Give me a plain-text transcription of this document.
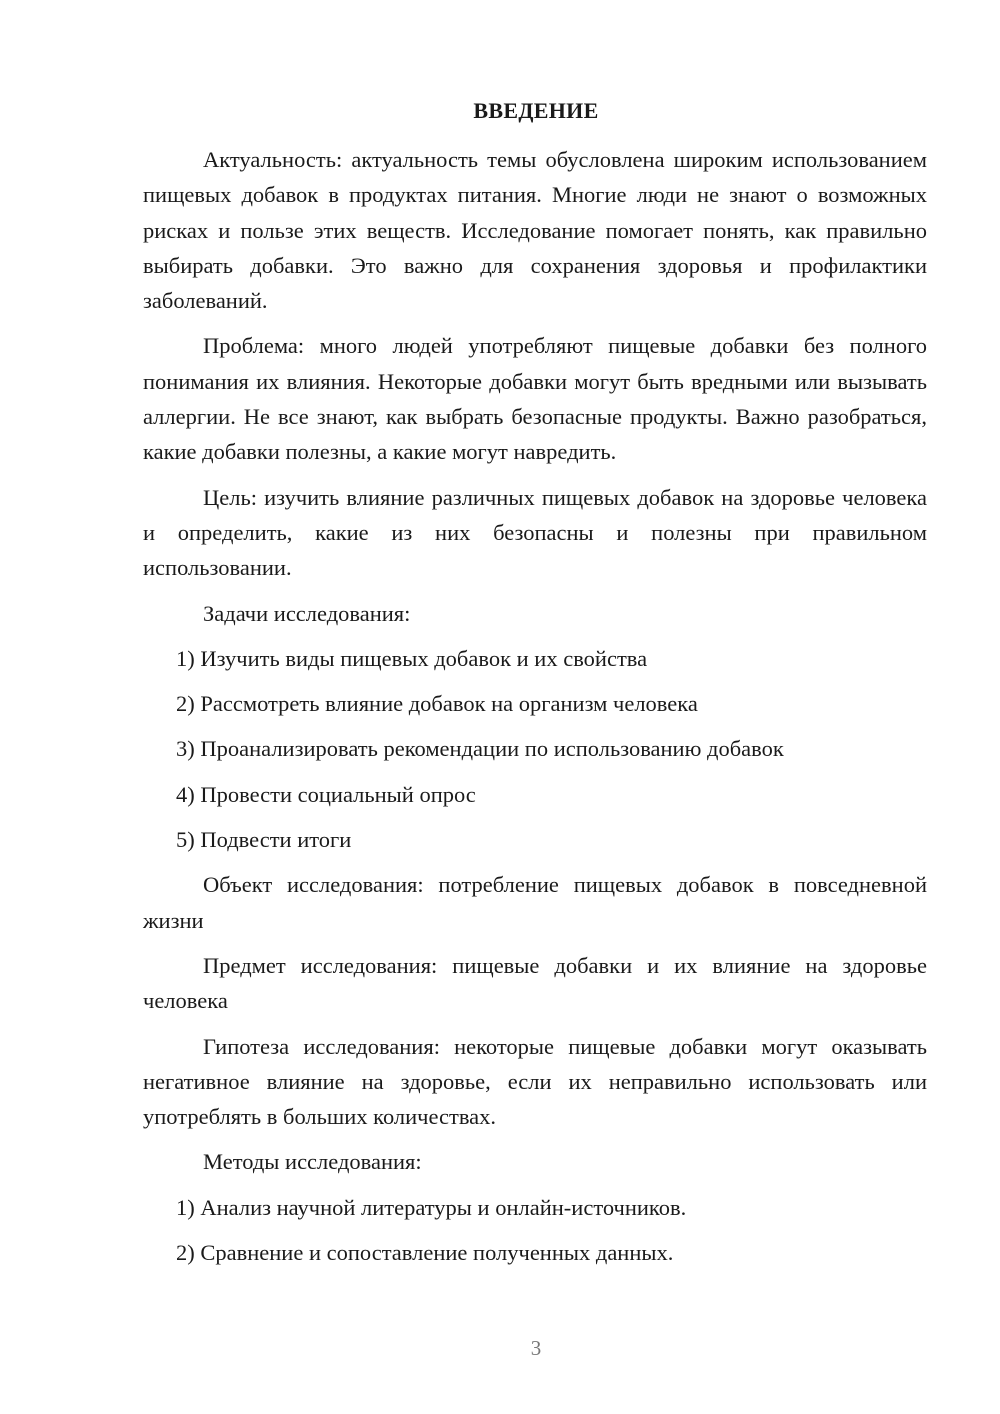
ВВЕДЕНИЕ

Актуальность: актуальность темы обусловлена широким использованием пищевых добавок в продуктах питания. Многие люди не знают о возможных рисках и пользе этих веществ. Исследование помогает понять, как правильно выбирать добавки. Это важно для сохранения здоровья и профилактики заболеваний.

Проблема: много людей употребляют пищевые добавки без полного понимания их влияния. Некоторые добавки могут быть вредными или вызывать аллергии. Не все знают, как выбрать безопасные продукты. Важно разобраться, какие добавки полезны, а какие могут навредить.

Цель: изучить влияние различных пищевых добавок на здоровье человека и определить, какие из них безопасны и полезны при правильном использовании.

Задачи исследования:

1) Изучить виды пищевых добавок и их свойства
2) Рассмотреть влияние добавок на организм человека
3) Проанализировать рекомендации по использованию добавок
4) Провести социальный опрос
5) Подвести итоги

Объект исследования: потребление пищевых добавок в повседневной жизни

Предмет исследования: пищевые добавки и их влияние на здоровье человека

Гипотеза исследования: некоторые пищевые добавки могут оказывать негативное влияние на здоровье, если их неправильно использовать или употреблять в больших количествах.

Методы исследования:

1) Анализ научной литературы и онлайн-источников.
2) Сравнение и сопоставление полученных данных.
3
